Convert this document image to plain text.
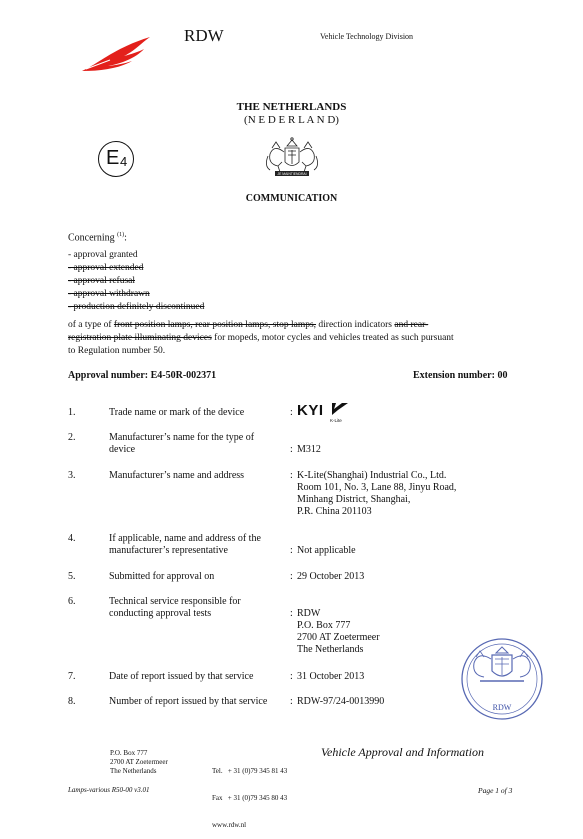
RDW	Vehicle Technology Division
THE NETHERLANDS
(N E D E R L A N D)
E 4
JE MAINTIENDRAI
COMMUNICATION
Concerning $^{(1)}$:
- approval granted
- approval extended
- approval refusal
- approval withdrawn
- production definitely discontinued
of a type of front position lamps, rear position lamps, stop lamps, direction indicators and rear-
registration plate illuminating devices for mopeds, motor cycles and vehicles treated as such pursuant
to Regulation number 50.
Approval number: E4-50R-002371	Extension number: 00
1.	Trade name or mark of the device	: KYI
K-Lite
2.	Manufacturer’s name for the type of device	: M312
3.	Manufacturer’s name and address	: K-Lite(Shanghai) Industrial Co., Ltd.
Room 101, No. 3, Lane 88, Jinyu Road,
Minhang District, Shanghai,
P.R. China 201103
4.	If applicable, name and address of the manufacturer’s representative	: Not applicable
5.	Submitted for approval on	: 29 October 2013
6.	Technical service responsible for conducting approval tests	: RDW
P.O. Box 777
2700 AT Zoetermeer
The Netherlands
7.	Date of report issued by that service	: 31 October 2013
8.	Number of report issued by that service	: RDW-97/24-0013990
RDW
P.O. Box 777
2700 AT Zoetermeer
The Netherlands

	Tel.   + 31 (0)79 345 81 43

Fax   + 31 (0)79 345 80 43

www.rdw.nl

Vehicle Approval and Information
Lamps-various R50-00 v3.01	Page 1 of 3
